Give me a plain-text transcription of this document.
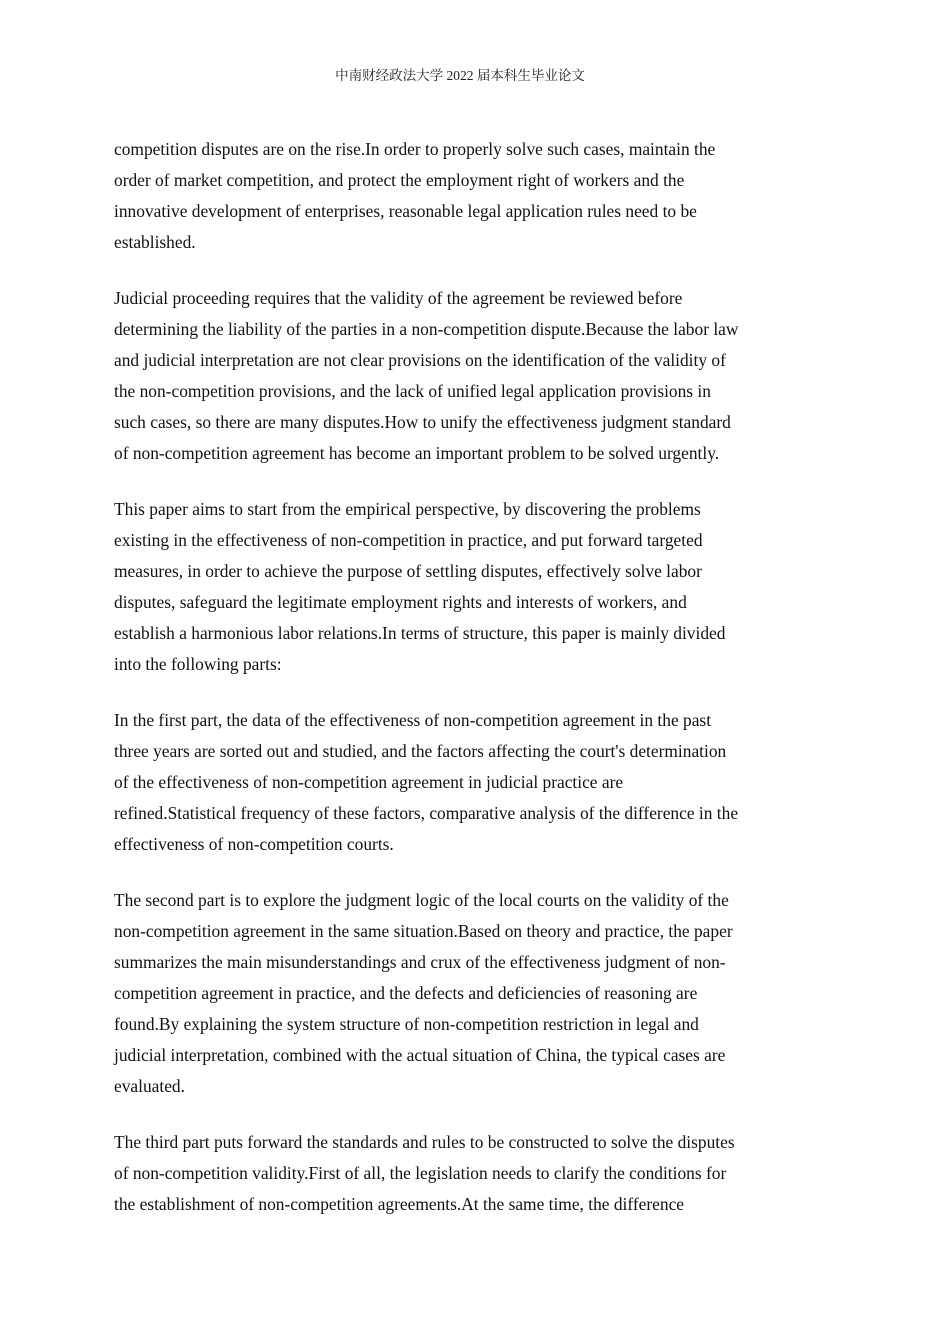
中南财经政法大学 2022 届本科生毕业论文

competition disputes are on the rise.In order to properly solve such cases, maintain the
order of market competition, and protect the employment right of workers and the
innovative development of enterprises, reasonable legal application rules need to be
established.

Judicial proceeding requires that the validity of the agreement be reviewed before
determining the liability of the parties in a non-competition dispute.Because the labor law
and judicial interpretation are not clear provisions on the identification of the validity of
the non-competition provisions, and the lack of unified legal application provisions in
such cases, so there are many disputes.How to unify the effectiveness judgment standard
of non-competition agreement has become an important problem to be solved urgently.

This paper aims to start from the empirical perspective, by discovering the problems
existing in the effectiveness of non-competition in practice, and put forward targeted
measures, in order to achieve the purpose of settling disputes, effectively solve labor
disputes, safeguard the legitimate employment rights and interests of workers, and
establish a harmonious labor relations.In terms of structure, this paper is mainly divided
into the following parts:

In the first part, the data of the effectiveness of non-competition agreement in the past
three years are sorted out and studied, and the factors affecting the court's determination
of the effectiveness of non-competition agreement in judicial practice are
refined.Statistical frequency of these factors, comparative analysis of the difference in the
effectiveness of non-competition courts.

The second part is to explore the judgment logic of the local courts on the validity of the
non-competition agreement in the same situation.Based on theory and practice, the paper
summarizes the main misunderstandings and crux of the effectiveness judgment of non-
competition agreement in practice, and the defects and deficiencies of reasoning are
found.By explaining the system structure of non-competition restriction in legal and
judicial interpretation, combined with the actual situation of China, the typical cases are
evaluated.

The third part puts forward the standards and rules to be constructed to solve the disputes
of non-competition validity.First of all, the legislation needs to clarify the conditions for
the establishment of non-competition agreements.At the same time, the difference
